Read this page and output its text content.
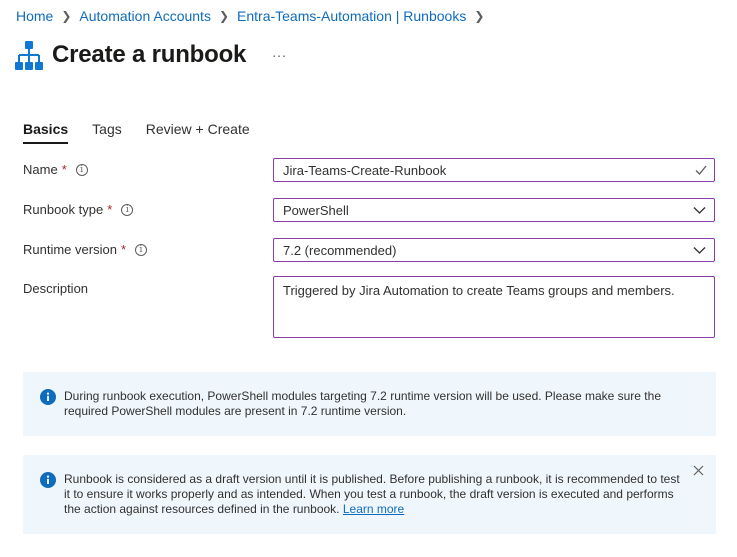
Home ❯ Automation Accounts ❯ Entra-Teams-Automation | Runbooks ❯
Create a runbook ...
Basics Tags Review + Create
Name *	i	Jira-Teams-Create-Runbook
Runbook type *	i	PowerShell
Runtime version *	i	7.2 (recommended)
Description	Triggered by Jira Automation to create Teams groups and members.
During runbook execution, PowerShell modules targeting 7.2 runtime version will be used. Please make sure the required PowerShell modules are present in 7.2 runtime version.
Runbook is considered as a draft version until it is published. Before publishing a runbook, it is recommended to test it to ensure it works properly and as intended. When you test a runbook, the draft version is executed and performs the action against resources defined in the runbook. Learn more
